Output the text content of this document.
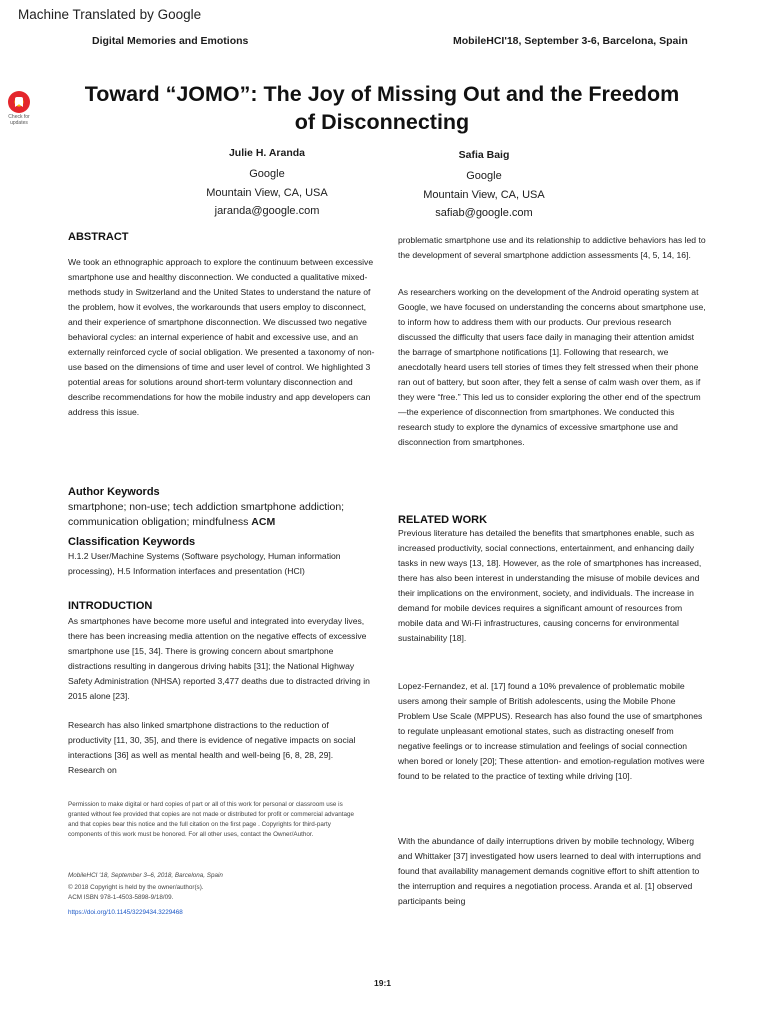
Machine Translated by Google
Digital Memories and Emotions	MobileHCI'18, September 3-6, Barcelona, Spain
Check for updates
Toward “JOMO”: The Joy of Missing Out and the Freedom
of Disconnecting
Julie H. Aranda
Google
Mountain View, CA, USA
jaranda@google.com
Safia Baig
Google
Mountain View, CA, USA
safiab@google.com
ABSTRACT
We took an ethnographic approach to explore the continuum between excessive smartphone use and healthy disconnection. We conducted a qualitative mixed-methods study in Switzerland and the United States to understand the nature of the problem, how it evolves, the workarounds that users employ to disconnect, and their experience of smartphone disconnection. We discussed two negative behavioral cycles: an internal experience of habit and excessive use, and an externally reinforced cycle of social obligation. We presented a taxonomy of non-use based on the dimensions of time and user level of control. We highlighted 3 potential areas for solutions around short-term voluntary disconnection and describe recommendations for how the mobile industry and app developers can address this issue.
Author Keywords
smartphone; non-use; tech addiction smartphone addiction; communication obligation; mindfulness ACM
Classification Keywords
H.1.2 User/Machine Systems (Software psychology, Human information processing), H.5 Information interfaces and presentation (HCI)
INTRODUCTION
As smartphones have become more useful and integrated into everyday lives, there has been increasing media attention on the negative effects of excessive smartphone use [15, 34]. There is growing concern about smartphone distractions resulting in dangerous driving habits [31]; the National Highway Safety Administration (NHSA) reported 3,477 deaths due to distracted driving in 2015 alone [23].
Research has also linked smartphone distractions to the reduction of productivity [11, 30, 35], and there is evidence of negative impacts on social interactions [36] as well as mental health and well-being [6, 8, 28, 29]. Research on
Permission to make digital or hard copies of part or all of this work for personal or classroom use is granted without fee provided that copies are not made or distributed for profit or commercial advantage and that copies bear this notice and the full citation on the first page . Copyrights for third-party components of this work must be honored. For all other uses, contact the Owner/Author.
MobileHCI '18, September 3–6, 2018, Barcelona, Spain
© 2018 Copyright is held by the owner/author(s).
ACM ISBN 978-1-4503-5898-9/18/09.
https://doi.org/10.1145/3229434.3229468
problematic smartphone use and its relationship to addictive behaviors has led to the development of several smartphone addiction assessments [4, 5, 14, 16].
As researchers working on the development of the Android operating system at Google, we have focused on understanding the concerns about smartphone use, to inform how to address them with our products. Our previous research discussed the difficulty that users face daily in managing their attention amidst the barrage of smartphone notifications [1]. Following that research, we anecdotally heard users tell stories of times they felt stressed when their phone ran out of battery, but soon after, they felt a sense of calm wash over them, as if they were “free.” This led us to consider exploring the other end of the spectrum—the experience of disconnection from smartphones. We conducted this research study to explore the dynamics of excessive smartphone use and disconnection from smartphones.
RELATED WORK
Previous literature has detailed the benefits that smartphones enable, such as increased productivity, social connections, entertainment, and enhancing daily tasks in new ways [13, 18]. However, as the role of smartphones has increased, there has also been interest in understanding the misuse of mobile devices and their implications on the environment, society, and individuals. The increase in demand for mobile devices requires a significant amount of resources from mobile data and Wi-Fi infrastructures, causing concerns for environmental sustainability [18].
Lopez-Fernandez, et al. [17] found a 10% prevalence of problematic mobile users among their sample of British adolescents, using the Mobile Phone Problem Use Scale (MPPUS). Research has also found the use of smartphones to regulate unpleasant emotional states, such as distracting oneself from negative feelings or to increase stimulation and feelings of social connection when bored or lonely [20]; These attention- and emotion-regulation motives were found to be related to the practice of texting while driving [10].
With the abundance of daily interruptions driven by mobile technology, Wiberg and Whittaker [37] investigated how users learned to deal with interruptions and found that availability management demands cognitive effort to shift attention to the interruption and requires a negotiation process. Aranda et al. [1] observed participants being
19:1
